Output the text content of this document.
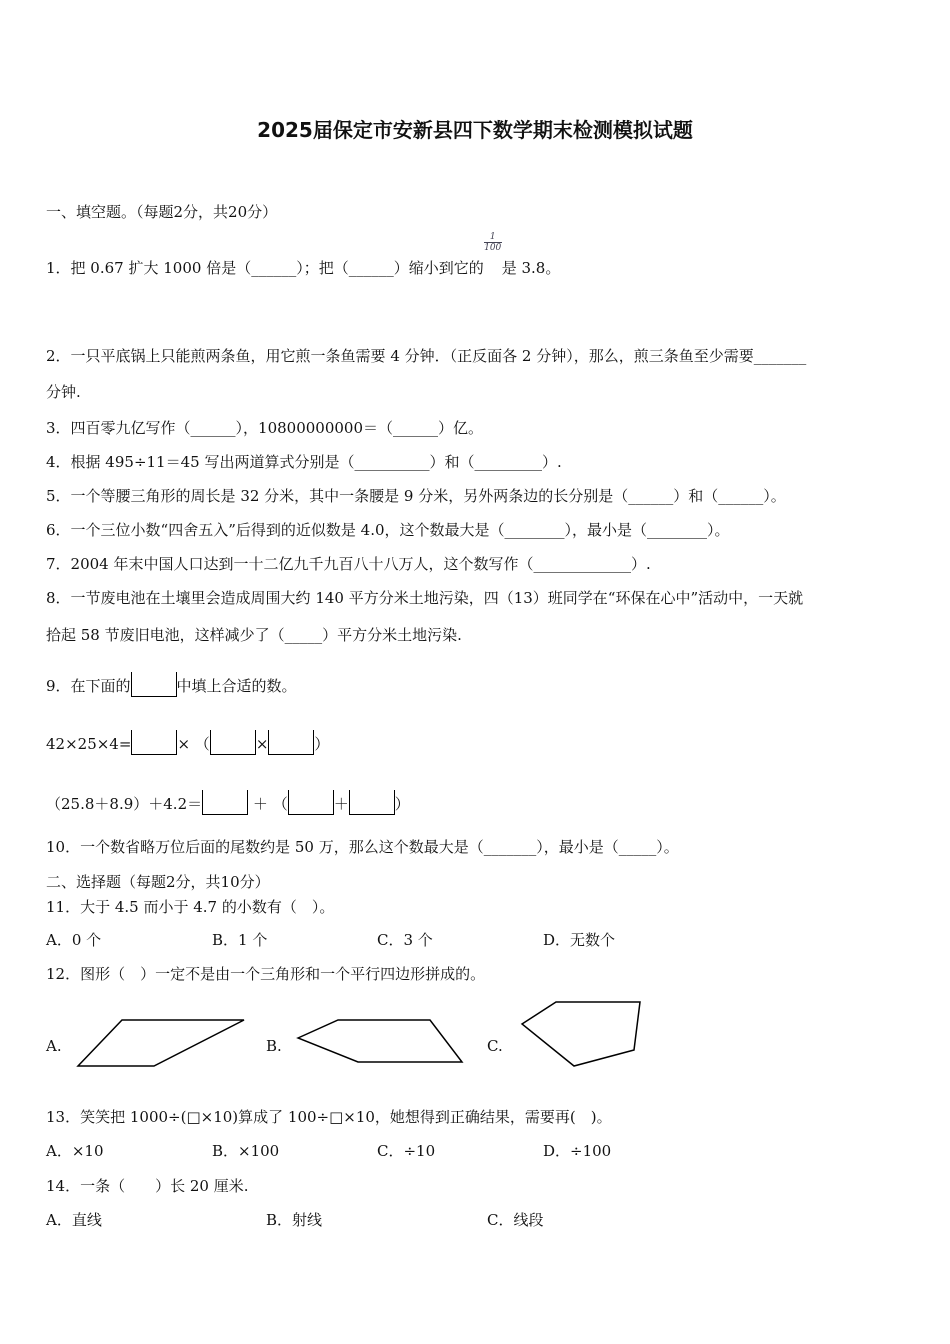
2025届保定市安新县四下数学期末检测模拟试题
一、填空题。（每题2分，共20分）
1．把 0.67 扩大 1000 倍是（______）；把（______）缩小到它的
$\frac{1}{100}$
是 3.8。
2．一只平底锅上只能煎两条鱼，用它煎一条鱼需要 4 分钟．（正反面各 2 分钟），那么，煎三条鱼至少需要_______
分钟.
3．四百零九亿写作（______），10800000000＝（______）亿。
4．根据 495÷11＝45 写出两道算式分别是（__________）和（_________）.
5．一个等腰三角形的周长是 32 分米，其中一条腰是 9 分米，另外两条边的长分别是（______）和（______）。
6．一个三位小数“四舍五入”后得到的近似数是 4.0，这个数最大是（________），最小是（________）。
7．2004 年末中国人口达到一十二亿九千九百八十八万人，这个数写作（_____________）.
8．一节废电池在土壤里会造成周围大约 140 平方分米土地污染，四（13）班同学在“环保在心中”活动中，一天就
拾起 58 节废旧电池，这样减少了（_____）平方分米土地污染.
9．在下面的	中填上合适的数。
42×25×4=	× （	×	）
（25.8＋8.9）＋4.2＝	＋ （	＋	）
10．一个数省略万位后面的尾数约是 50 万，那么这个数最大是（_______），最小是（_____）。
二、选择题（每题2分，共10分）
11．大于 4.5 而小于 4.7 的小数有（　）。
A．0 个	B．1 个	C．3 个	D．无数个
12．图形（　）一定不是由一个三角形和一个平行四边形拼成的。
A.	B.	C.
13．笑笑把 1000÷(□×10)算成了 100÷□×10，她想得到正确结果，需要再(　)。
A．×10	B．×100	C．÷10	D．÷100
14．一条（　　）长 20 厘米.
A．直线	B．射线	C．线段
